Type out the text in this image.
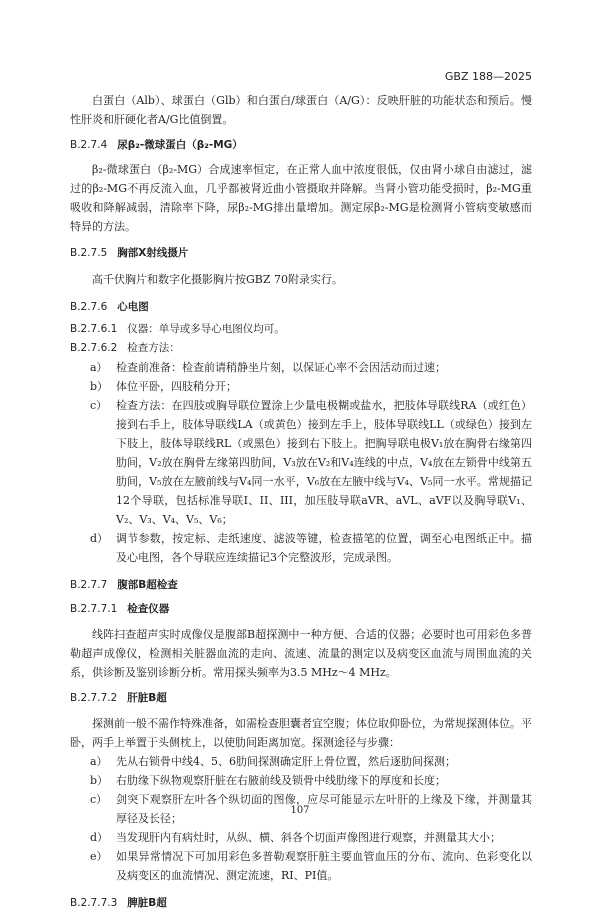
GBZ 188—2025
白蛋白（Alb）、球蛋白（Glb）和白蛋白/球蛋白（A/G）：反映肝脏的功能状态和预后。慢性肝炎和肝硬化者A/G比值倒置。
B.2.7.4 尿β₂-微球蛋白（β₂-MG）
β₂-微球蛋白（β₂-MG）合成速率恒定，在正常人血中浓度很低，仅由肾小球自由滤过，滤过的β₂-MG不再反流入血，几乎都被肾近曲小管摄取并降解。当肾小管功能受损时，β₂-MG重吸收和降解减弱，清除率下降，尿β₂-MG排出量增加。测定尿β₂-MG是检测肾小管病变敏感而特异的方法。
B.2.7.5 胸部X射线摄片
高千伏胸片和数字化摄影胸片按GBZ 70附录实行。
B.2.7.6 心电图
B.2.7.6.1 仪器：单导或多导心电图仪均可。
B.2.7.6.2 检查方法：
a） 检查前准备：检查前请稍静坐片刻，以保证心率不会因活动而过速；
b） 体位平卧，四肢稍分开；
c） 检查方法：在四肢或胸导联位置涂上少量电极糊或盐水，把肢体导联线RA（或红色）接到右手上，肢体导联线LA（或黄色）接到左手上，肢体导联线LL（或绿色）接到左下肢上，肢体导联线RL（或黑色）接到右下肢上。把胸导联电极V₁放在胸骨右缘第四肋间，V₂放在胸骨左缘第四肋间，V₃放在V₂和V₄连线的中点，V₄放在左锁骨中线第五肋间，V₅放在左腋前线与V₄同一水平，V₆放在左腋中线与V₄、V₅同一水平。常规描记12个导联，包括标准导联I、II、III，加压肢导联aVR、aVL、aVF以及胸导联V₁、V₂、V₃、V₄、V₅、V₆；
d） 调节参数，按定标、走纸速度、滤波等键，检查描笔的位置，调至心电图纸正中。描及心电图，各个导联应连续描记3个完整波形，完成录图。
B.2.7.7 腹部B超检查
B.2.7.7.1 检查仪器
线阵扫查超声实时成像仪是腹部B超探测中一种方便、合适的仪器；必要时也可用彩色多普勒超声成像仪，检测相关脏器血流的走向、流速、流量的测定以及病变区血流与周围血流的关系，供诊断及鉴别诊断分析。常用探头频率为3.5 MHz～4 MHz。
B.2.7.7.2 肝脏B超
探测前一般不需作特殊准备，如需检查胆囊者宜空腹；体位取仰卧位，为常规探测体位。平卧，两手上举置于头侧枕上，以使肋间距离加宽。探测途径与步骤：
a） 先从右锁骨中线4、5、6肋间探测确定肝上骨位置，然后逐肋间探测；
b） 右肋缘下纵物观察肝脏在右腋前线及锁骨中线肋缘下的厚度和长度；
c） 剑突下观察肝左叶各个纵切面的图像，应尽可能显示左叶肝的上缘及下缘，并测量其厚径及长径；
d） 当发现肝内有病灶时，从纵、横、斜各个切面声像图进行观察，并测量其大小；
e） 如果异常情况下可加用彩色多普勒观察肝脏主要血管血压的分布、流向、色彩变化以及病变区的血流情况、测定流速，RI、PI值。
B.2.7.7.3 脾脏B超
107
